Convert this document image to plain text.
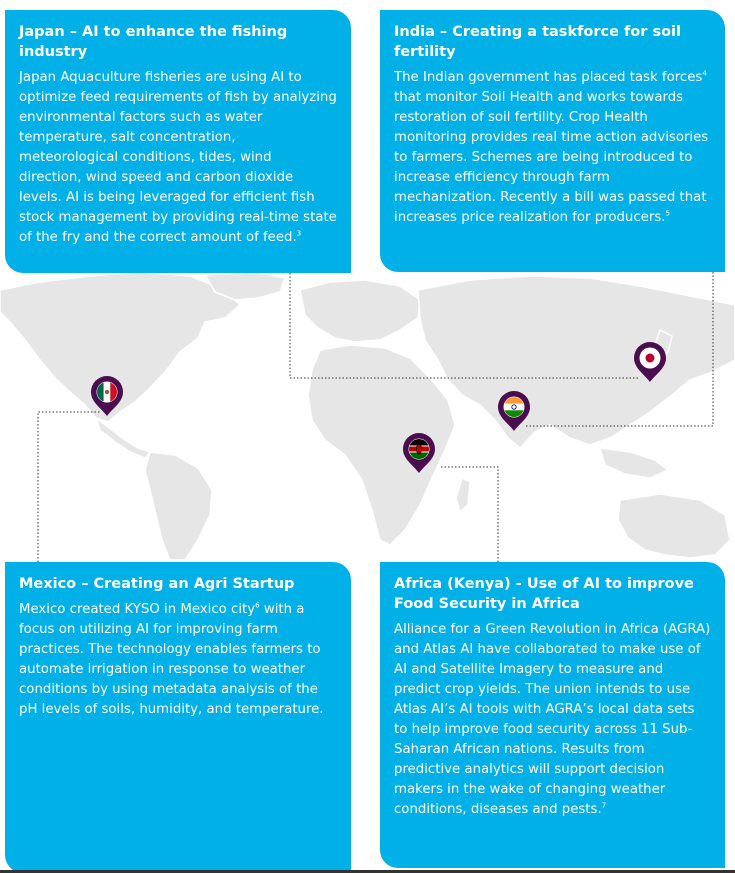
Japan – AI to enhance the fishing industry

Japan Aquaculture fisheries are using AI to optimize feed requirements of fish by analyzing environmental factors such as water temperature, salt concentration, meteorological conditions, tides, wind direction, wind speed and carbon dioxide levels. AI is being leveraged for efficient fish stock management by providing real-time state of the fry and the correct amount of feed.$^3$

India – Creating a taskforce for soil fertility

The Indian government has placed task forces$^4$ that monitor Soil Health and works towards restoration of soil fertility. Crop Health monitoring provides real time action advisories to farmers. Schemes are being introduced to increase efficiency through farm mechanization. Recently a bill was passed that increases price realization for producers.$^5$

Mexico – Creating an Agri Startup

Mexico created KYSO in Mexico city$^6$ with a focus on utilizing AI for improving farm practices. The technology enables farmers to automate irrigation in response to weather conditions by using metadata analysis of the pH levels of soils, humidity, and temperature.

Africa (Kenya) - Use of AI to improve Food Security in Africa

Alliance for a Green Revolution in Africa (AGRA) and Atlas AI have collaborated to make use of AI and Satellite Imagery to measure and predict crop yields. The union intends to use Atlas AI’s AI tools with AGRA’s local data sets to help improve food security across 11 Sub-Saharan African nations. Results from predictive analytics will support decision makers in the wake of changing weather conditions, diseases and pests.$^7$
